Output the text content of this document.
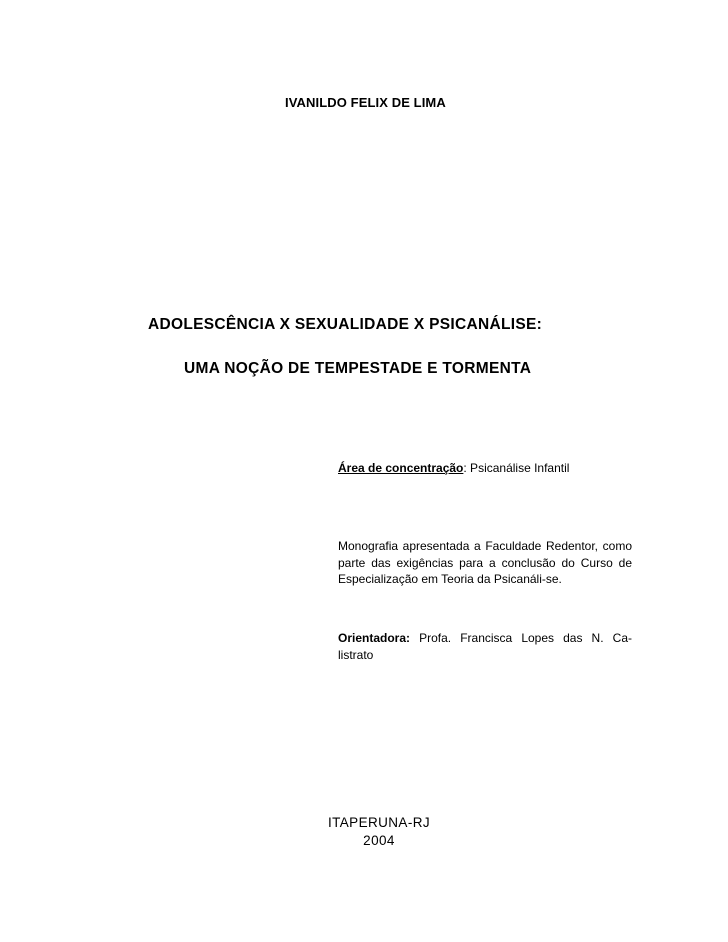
IVANILDO FELIX DE LIMA
ADOLESCÊNCIA X SEXUALIDADE X PSICANÁLISE:
UMA NOÇÃO DE TEMPESTADE E TORMENTA
Área de concentração: Psicanálise Infantil
Monografia apresentada a Faculdade Redentor, como parte das exigências para a conclusão do Curso de Especialização em Teoria da Psicanáli-se.
Orientadora: Profa. Francisca Lopes das N. Ca-listrato
ITAPERUNA-RJ
2004
